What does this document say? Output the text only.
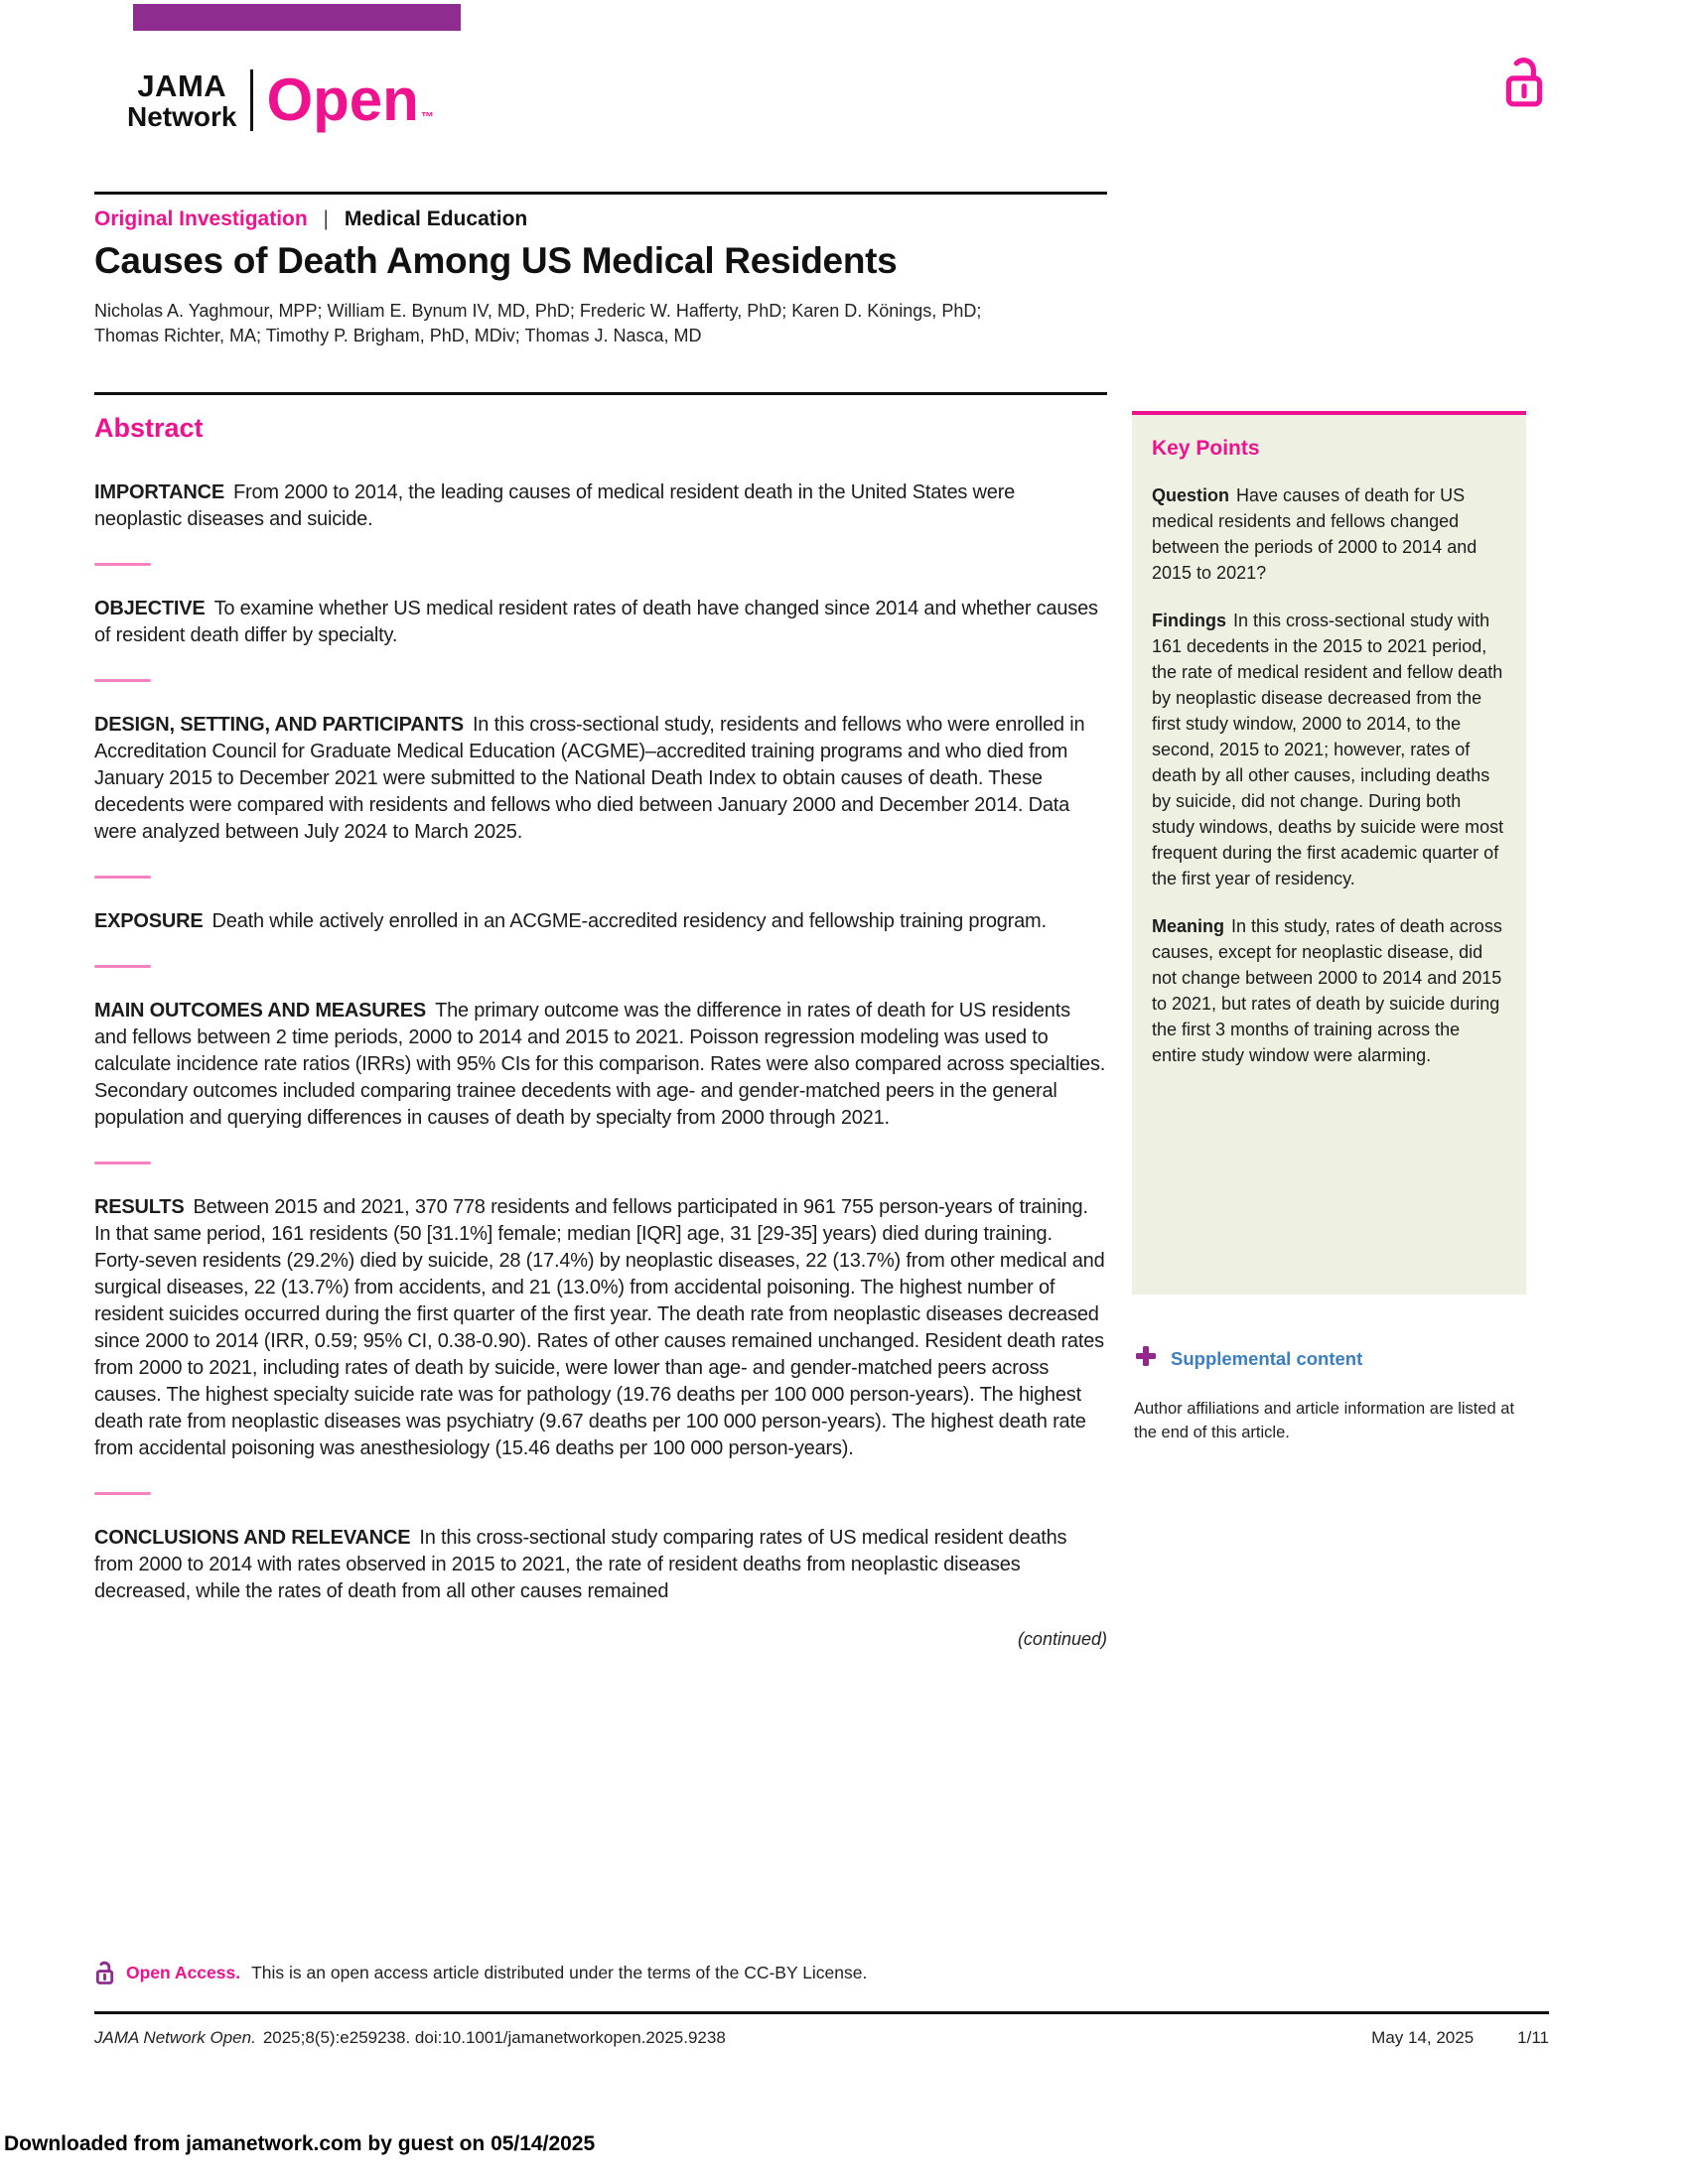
JAMA
Network Open ™
Original Investigation | Medical Education
Causes of Death Among US Medical Residents
Nicholas A. Yaghmour, MPP; William E. Bynum IV, MD, PhD; Frederic W. Hafferty, PhD; Karen D. Könings, PhD;
Thomas Richter, MA; Timothy P. Brigham, PhD, MDiv; Thomas J. Nasca, MD
Abstract

IMPORTANCE From 2000 to 2014, the leading causes of medical resident death in the United States were neoplastic diseases and suicide.

OBJECTIVE To examine whether US medical resident rates of death have changed since 2014 and whether causes of resident death differ by specialty.

DESIGN, SETTING, AND PARTICIPANTS In this cross-sectional study, residents and fellows who were enrolled in Accreditation Council for Graduate Medical Education (ACGME)–accredited training programs and who died from January 2015 to December 2021 were submitted to the National Death Index to obtain causes of death. These decedents were compared with residents and fellows who died between January 2000 and December 2014. Data were analyzed between July 2024 to March 2025.

EXPOSURE Death while actively enrolled in an ACGME-accredited residency and fellowship training program.

MAIN OUTCOMES AND MEASURES The primary outcome was the difference in rates of death for US residents and fellows between 2 time periods, 2000 to 2014 and 2015 to 2021. Poisson regression modeling was used to calculate incidence rate ratios (IRRs) with 95% CIs for this comparison. Rates were also compared across specialties. Secondary outcomes included comparing trainee decedents with age- and gender-matched peers in the general population and querying differences in causes of death by specialty from 2000 through 2021.

RESULTS Between 2015 and 2021, 370 778 residents and fellows participated in 961 755 person-years of training. In that same period, 161 residents (50 [31.1%] female; median [IQR] age, 31 [29-35] years) died during training. Forty-seven residents (29.2%) died by suicide, 28 (17.4%) by neoplastic diseases, 22 (13.7%) from other medical and surgical diseases, 22 (13.7%) from accidents, and 21 (13.0%) from accidental poisoning. The highest number of resident suicides occurred during the first quarter of the first year. The death rate from neoplastic diseases decreased since 2000 to 2014 (IRR, 0.59; 95% CI, 0.38-0.90). Rates of other causes remained unchanged. Resident death rates from 2000 to 2021, including rates of death by suicide, were lower than age- and gender-matched peers across causes. The highest specialty suicide rate was for pathology (19.76 deaths per 100 000 person-years). The highest death rate from neoplastic diseases was psychiatry (9.67 deaths per 100 000 person-years). The highest death rate from accidental poisoning was anesthesiology (15.46 deaths per 100 000 person-years).

CONCLUSIONS AND RELEVANCE In this cross-sectional study comparing rates of US medical resident deaths from 2000 to 2014 with rates observed in 2015 to 2021, the rate of resident deaths from neoplastic diseases decreased, while the rates of death from all other causes remained

(continued)
Open Access. This is an open access article distributed under the terms of the CC-BY License.
Key Points

Question Have causes of death for US medical residents and fellows changed between the periods of 2000 to 2014 and 2015 to 2021?

Findings In this cross-sectional study with 161 decedents in the 2015 to 2021 period, the rate of medical resident and fellow death by neoplastic disease decreased from the first study window, 2000 to 2014, to the second, 2015 to 2021; however, rates of death by all other causes, including deaths by suicide, did not change. During both study windows, deaths by suicide were most frequent during the first academic quarter of the first year of residency.

Meaning In this study, rates of death across causes, except for neoplastic disease, did not change between 2000 to 2014 and 2015 to 2021, but rates of death by suicide during the first 3 months of training across the entire study window were alarming.

Supplemental content
Author affiliations and article information are listed at the end of this article.
JAMA Network Open. 2025;8(5):e259238. doi:10.1001/jamanetworkopen.2025.9238	May 14, 2025	1/11
Downloaded from jamanetwork.com by guest on 05/14/2025
